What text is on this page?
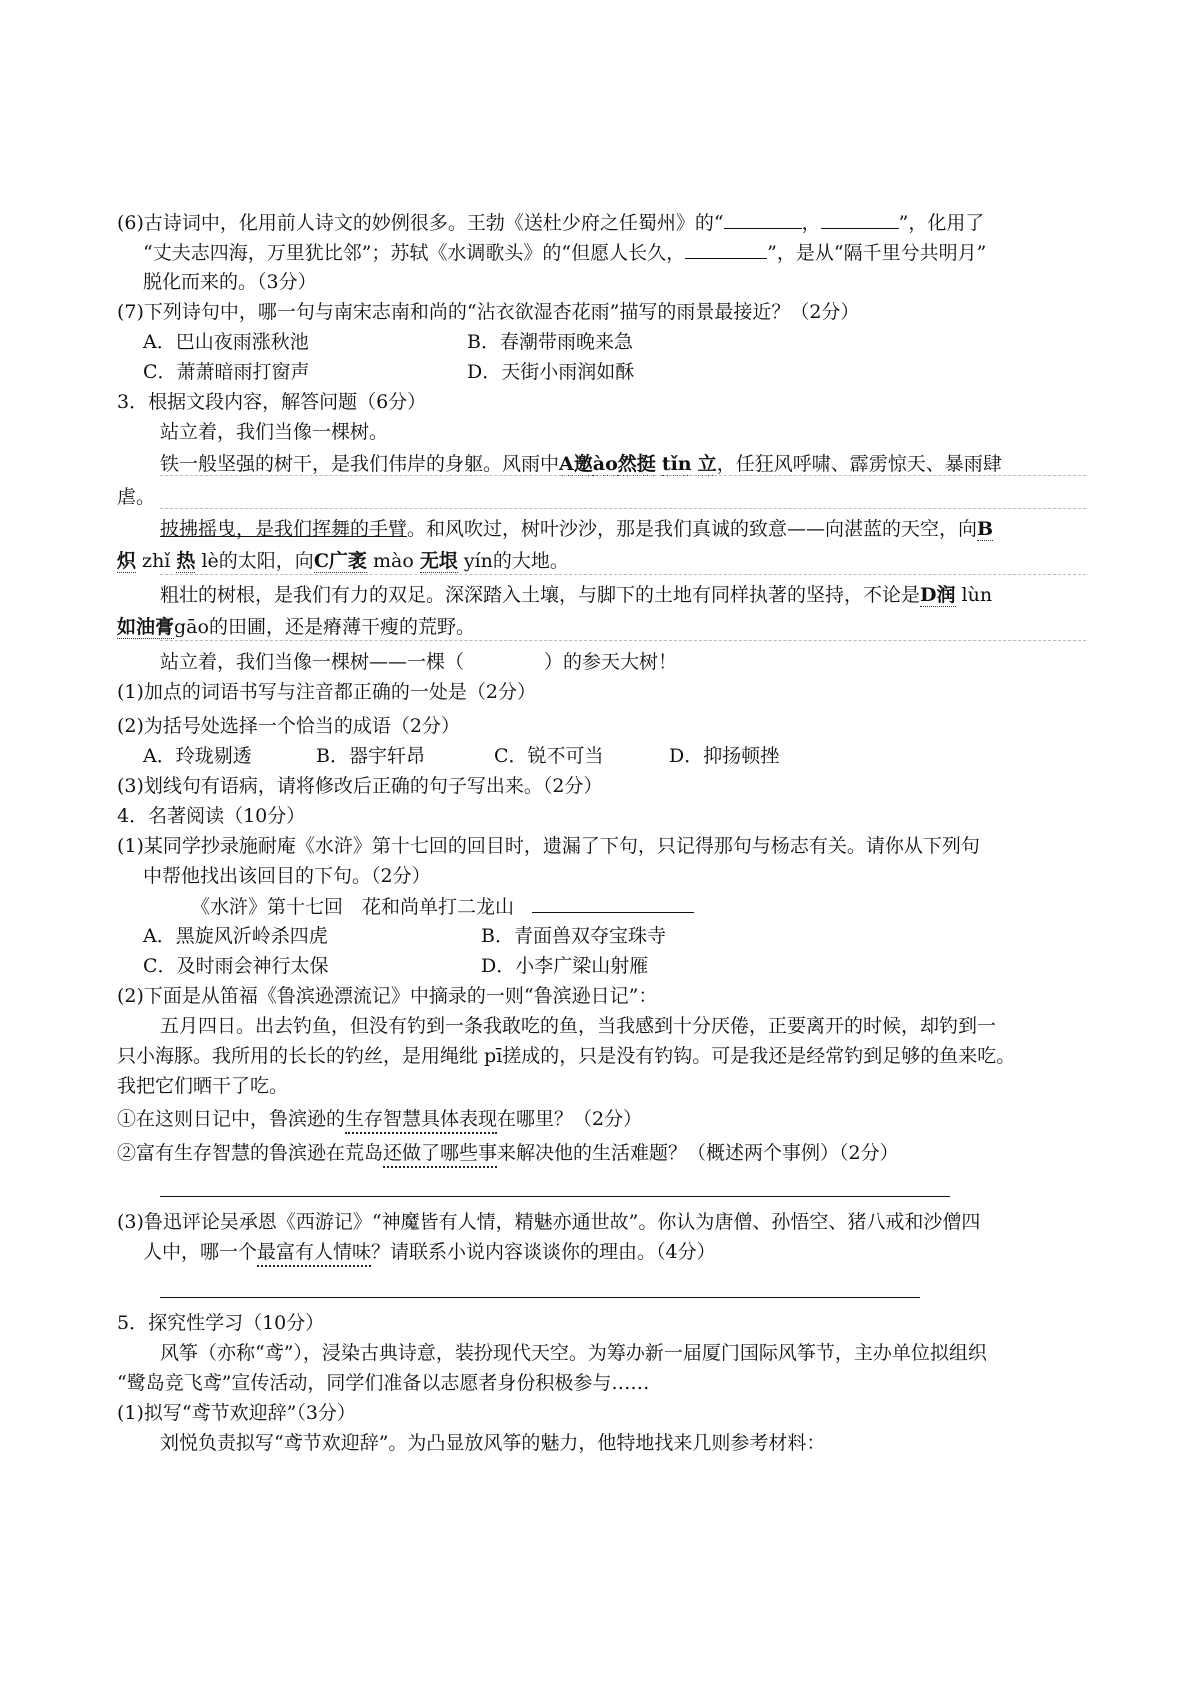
(6)古诗词中，化用前人诗文的妙例很多。王勃《送杜少府之任蜀州》的“	，	”，化用了
“丈夫志四海，万里犹比邻”；苏轼《水调歌头》的“但愿人长久，	”，是从“隔千里兮共明月”
脱化而来的。（3分）
(7)下列诗句中，哪一句与南宋志南和尚的“沾衣欲湿杏花雨”描写的雨景最接近？（2分）
A．巴山夜雨涨秋池	B．春潮带雨晚来急
C．萧萧暗雨打窗声	D．天街小雨润如酥
3．根据文段内容，解答问题（6分）
站立着，我们当像一棵树。
铁一般坚强的树干，是我们伟岸的身躯。风雨中A邀ào然挺 tǐn 立，任狂风呼啸、霹雳惊天、暴雨肆
虐。
披拂摇曳，是我们挥舞的手臂。和风吹过，树叶沙沙，那是我们真诚的致意——向湛蓝的天空，向B
炽 zhǐ 热 lè的太阳，向C广袤 mào 无垠 yín的大地。
粗壮的树根，是我们有力的双足。深深踏入土壤，与脚下的土地有同样执著的坚持，不论是D润 lùn
如油膏gāo的田圃，还是瘠薄干瘦的荒野。
站立着，我们当像一棵树——一棵（	）的参天大树！
(1)加点的词语书写与注音都正确的一处是（2分）
(2)为括号处选择一个恰当的成语（2分）
A．玲珑剔透	B．器宇轩昂	C．锐不可当	D．抑扬顿挫
(3)划线句有语病，请将修改后正确的句子写出来。（2分）
4．名著阅读（10分）
(1)某同学抄录施耐庵《水浒》第十七回的回目时，遗漏了下句，只记得那句与杨志有关。请你从下列句
中帮他找出该回目的下句。（2分）
《水浒》第十七回　花和尚单打二龙山
A．黑旋风沂岭杀四虎	B．青面兽双夺宝珠寺
C．及时雨会神行太保	D．小李广梁山射雁
(2)下面是从笛福《鲁滨逊漂流记》中摘录的一则“鲁滨逊日记”：
五月四日。出去钓鱼，但没有钓到一条我敢吃的鱼，当我感到十分厌倦，正要离开的时候，却钓到一
只小海豚。我所用的长长的钓丝，是用绳纰 pī搓成的，只是没有钓钩。可是我还是经常钓到足够的鱼来吃。
我把它们晒干了吃。
①在这则日记中，鲁滨逊的生存智慧具体表现在哪里？（2分）
②富有生存智慧的鲁滨逊在荒岛还做了哪些事来解决他的生活难题？（概述两个事例）（2分）
(3)鲁迅评论吴承恩《西游记》“神魔皆有人情，精魅亦通世故”。你认为唐僧、孙悟空、猪八戒和沙僧四
人中，哪一个最富有人情味？请联系小说内容谈谈你的理由。（4分）
5．探究性学习（10分）
风筝（亦称“鸢”），浸染古典诗意，装扮现代天空。为筹办新一届厦门国际风筝节，主办单位拟组织
“鹭岛竞飞鸢”宣传活动，同学们准备以志愿者身份积极参与……
(1)拟写“鸢节欢迎辞”（3分）
刘悦负责拟写“鸢节欢迎辞”。为凸显放风筝的魅力，他特地找来几则参考材料：
